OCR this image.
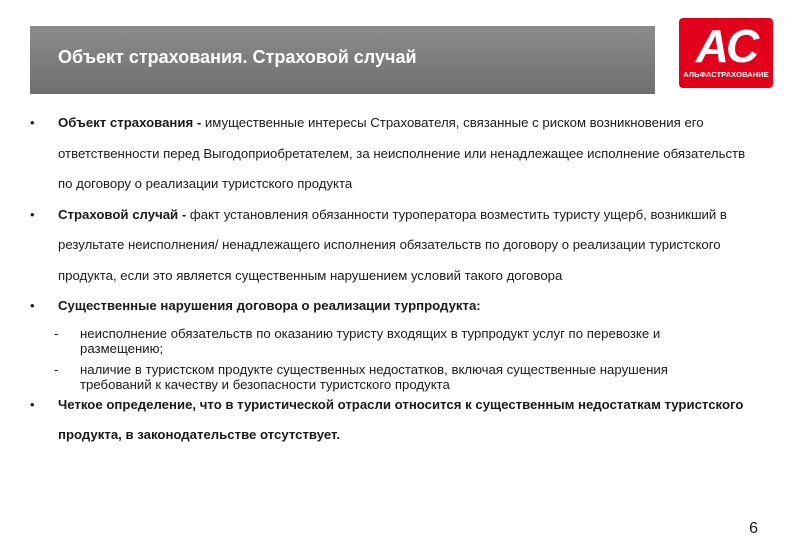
Объект страхования. Страховой случай	AC
АЛЬФАСТРАХОВАНИЕ
• Объект страхования - имущественные интересы Страхователя, связанные с риском возникновения его ответственности перед Выгодоприобретателем, за неисполнение или ненадлежащее исполнение обязательств по договору о реализации туристского продукта
• Страховой случай - факт установления обязанности туроператора возместить туристу ущерб, возникший в результате неисполнения/ ненадлежащего исполнения обязательств по договору о реализации туристского продукта, если это является существенным нарушением условий такого договора
• Существенные нарушения договора о реализации турпродукта:
- неисполнение обязательств по оказанию туристу входящих в турпродукт услуг по перевозке и размещению;
- наличие в туристском продукте существенных недостатков, включая существенные нарушения требований к качеству и безопасности туристского продукта
• Четкое определение, что в туристической отрасли относится к существенным недостаткам туристского продукта, в законодательстве отсутствует.
6
